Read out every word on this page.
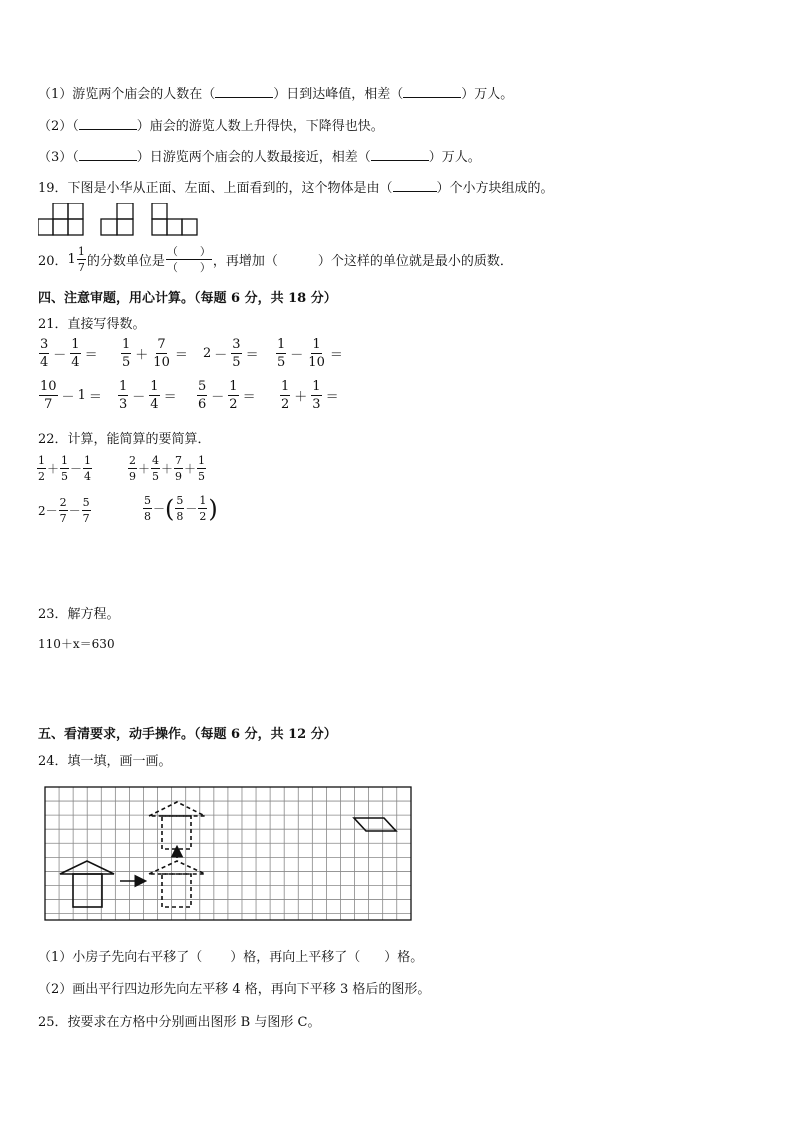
（1）游览两个庙会的人数在（	）日到达峰值，相差（	）万人。
（2）（	）庙会的游览人数上升得快，下降得也快。
（3）（	）日游览两个庙会的人数最接近，相差（	）万人。
19．下图是小华从正面、左面、上面看到的，这个物体是由（	）个小方块组成的。
20． $1 \frac{1}{7}$ 的分数单位是 $\frac{( )}{( )}$ ，再增加（	）个这样的单位就是最小的质数．
四、注意审题，用心计算。（每题 6 分，共 18 分）
21．直接写得数。
$\frac{3}{4} - \frac{1}{4} = \frac{1}{5} + \frac{7}{10} = 2 - \frac{3}{5} = \frac{1}{5} - \frac{1}{10}$ ＝
$\frac{10}{7} - 1 = \frac{1}{3} - \frac{1}{4} = \frac{5}{6} - \frac{1}{2} = \frac{1}{2} + \frac{1}{3}$ ＝
22．计算，能简算的要简算．
$\frac{1}{2} + \frac{1}{5} - \frac{1}{4}$	$\frac{2}{9} + \frac{4}{5} + \frac{7}{9} + \frac{1}{5}$
$2 - \frac{2}{7} - \frac{5}{7}$	$\frac{5}{8}$ － ( $\frac{5}{8} - \frac{1}{2}$ )
23．解方程。
110＋x＝630
五、看清要求，动手操作。（每题 6 分，共 12 分）
24．填一填，画一画。
（1）小房子先向右平移了（ ）格，再向上平移了（ ）格。
（2）画出平行四边形先向左平移 4 格，再向下平移 3 格后的图形。
25．按要求在方格中分别画出图形 B 与图形 C。
